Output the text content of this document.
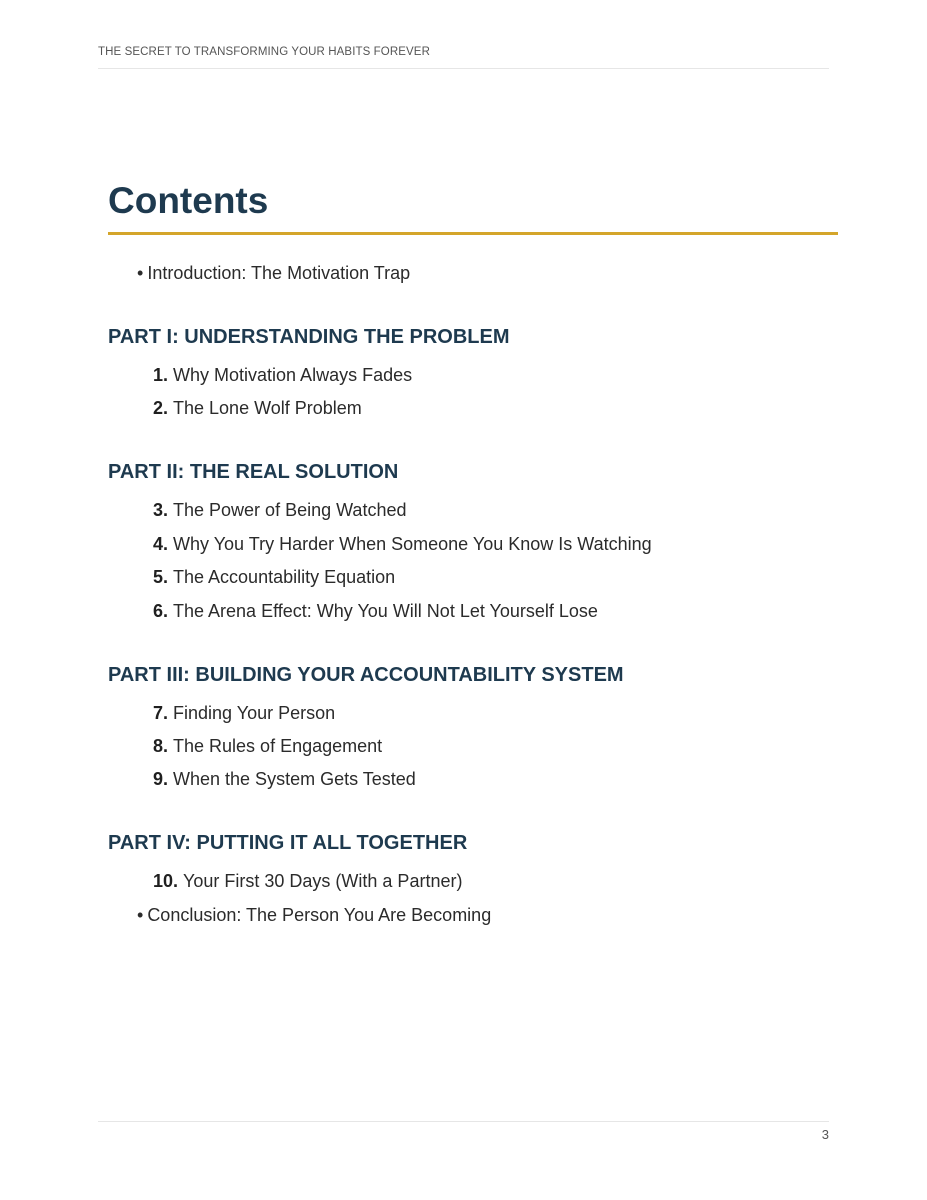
THE SECRET TO TRANSFORMING YOUR HABITS FOREVER
Contents

• Introduction: The Motivation Trap

PART I: UNDERSTANDING THE PROBLEM

1. Why Motivation Always Fades

2. The Lone Wolf Problem

PART II: THE REAL SOLUTION

3. The Power of Being Watched

4. Why You Try Harder When Someone You Know Is Watching

5. The Accountability Equation

6. The Arena Effect: Why You Will Not Let Yourself Lose

PART III: BUILDING YOUR ACCOUNTABILITY SYSTEM

7. Finding Your Person

8. The Rules of Engagement

9. When the System Gets Tested

PART IV: PUTTING IT ALL TOGETHER

10. Your First 30 Days (With a Partner)

• Conclusion: The Person You Are Becoming

3
